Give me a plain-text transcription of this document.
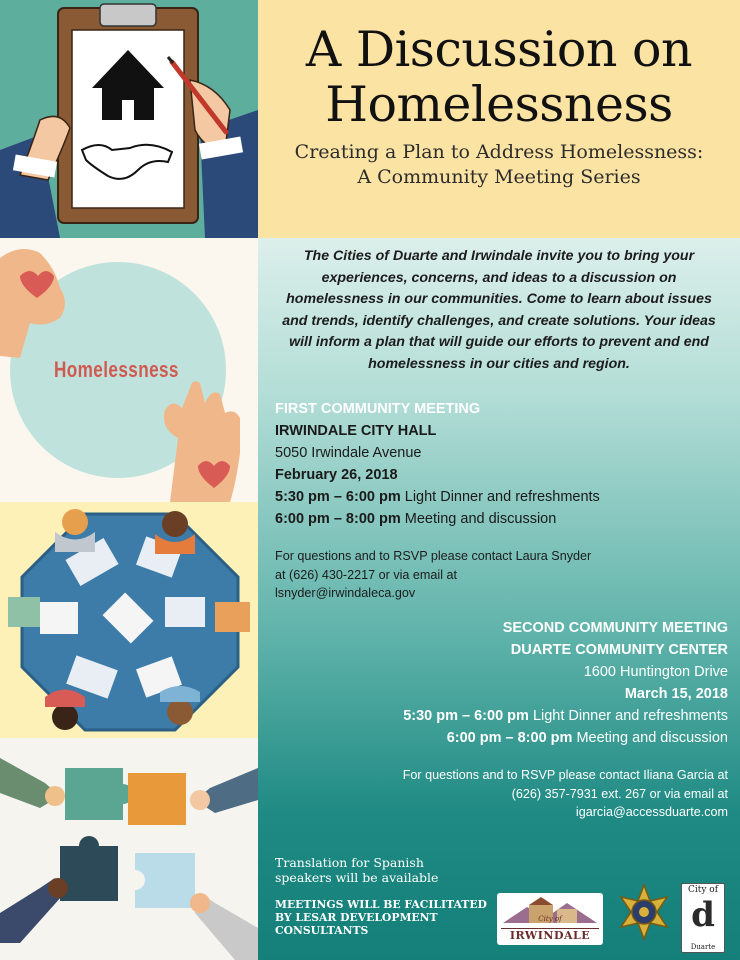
A Discussion on
Homelessness
Creating a Plan to Address Homelessness:
A Community Meeting Series
Homelessness

The Cities of Duarte and Irwindale invite you to bring your experiences, concerns, and ideas to a discussion on homelessness in our communities. Come to learn about issues and trends, identify challenges, and create solutions. Your ideas will inform a plan that will guide our efforts to prevent and end homelessness in our cities and region.

FIRST COMMUNITY MEETING
IRWINDALE CITY HALL
5050 Irwindale Avenue
February 26, 2018
5:30 pm – 6:00 pm Light Dinner and refreshments
6:00 pm – 8:00 pm Meeting and discussion
For questions and to RSVP please contact Laura Snyder
at (626) 430-2217 or via email at
lsnyder@irwindaleca.gov
SECOND COMMUNITY MEETING
DUARTE COMMUNITY CENTER
1600 Huntington Drive
March 15, 2018
5:30 pm – 6:00 pm Light Dinner and refreshments
6:00 pm – 8:00 pm Meeting and discussion
For questions and to RSVP please contact Iliana Garcia at
(626) 357-7931 ext. 267 or via email at
igarcia@accessduarte.com
Translation for Spanish
speakers will be available
MEETINGS WILL BE FACILITATED
BY LESAR DEVELOPMENT
CONSULTANTS
City of
IRWINDALE
City of
d
Duarte
